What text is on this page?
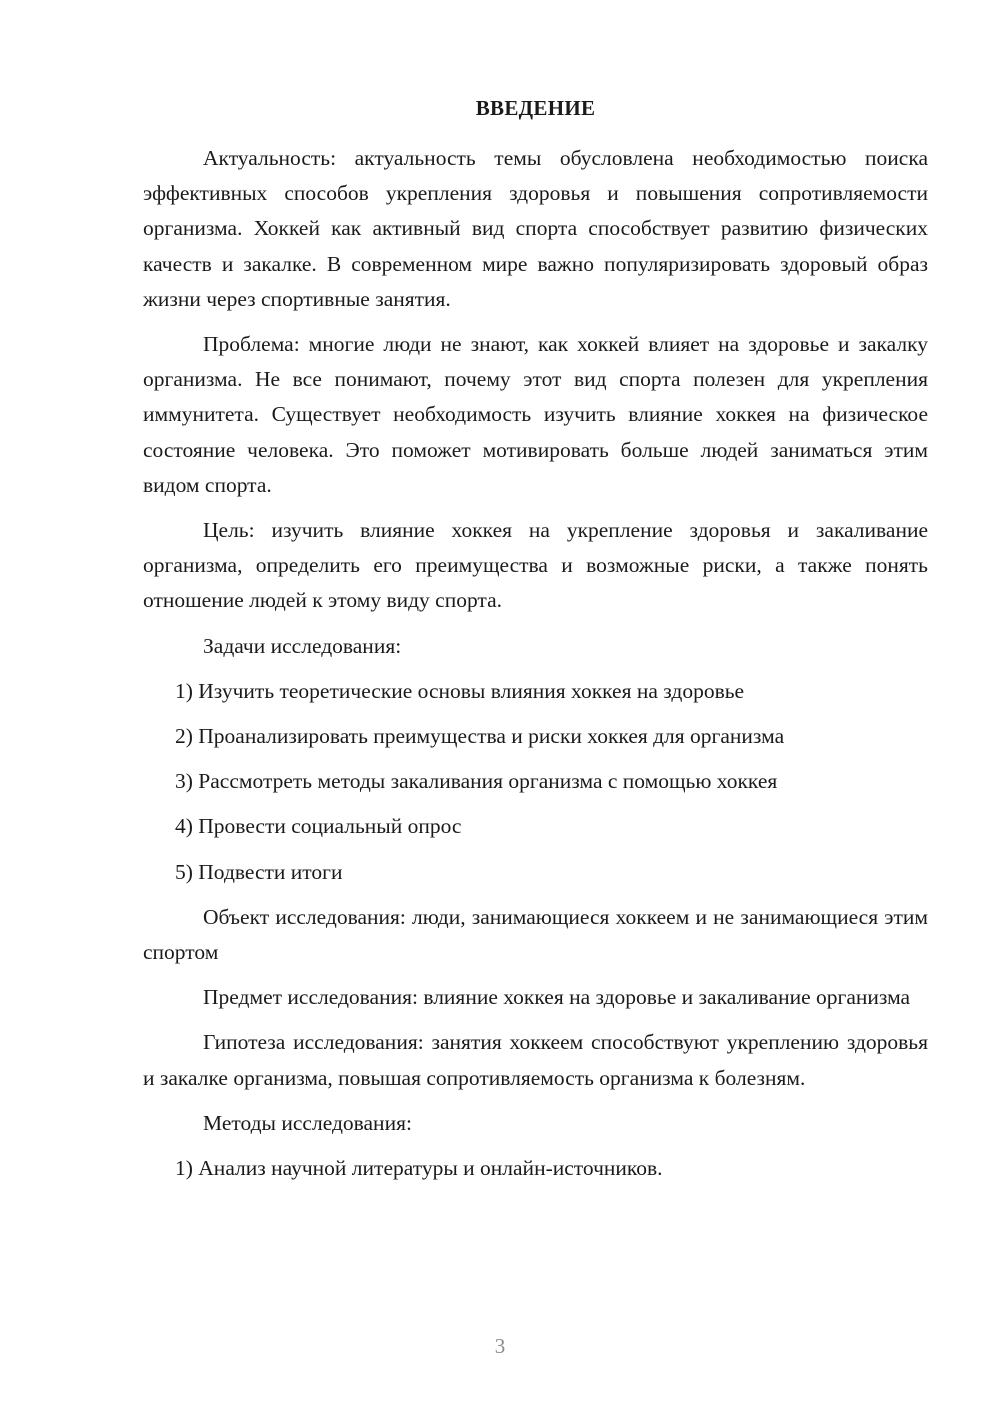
ВВЕДЕНИЕ

Актуальность: актуальность темы обусловлена необходимостью поиска эффективных способов укрепления здоровья и повышения сопротивляемости организма. Хоккей как активный вид спорта способствует развитию физических качеств и закалке. В современном мире важно популяризировать здоровый образ жизни через спортивные занятия.

Проблема: многие люди не знают, как хоккей влияет на здоровье и закалку организма. Не все понимают, почему этот вид спорта полезен для укрепления иммунитета. Существует необходимость изучить влияние хоккея на физическое состояние человека. Это поможет мотивировать больше людей заниматься этим видом спорта.

Цель: изучить влияние хоккея на укрепление здоровья и закаливание организма, определить его преимущества и возможные риски, а также понять отношение людей к этому виду спорта.

Задачи исследования:

1) Изучить теоретические основы влияния хоккея на здоровье

2) Проанализировать преимущества и риски хоккея для организма

3) Рассмотреть методы закаливания организма с помощью хоккея

4) Провести социальный опрос

5) Подвести итоги

Объект исследования: люди, занимающиеся хоккеем и не занимающиеся этим спортом

Предмет исследования: влияние хоккея на здоровье и закаливание организма

Гипотеза исследования: занятия хоккеем способствуют укреплению здоровья и закалке организма, повышая сопротивляемость организма к болезням.

Методы исследования:

1) Анализ научной литературы и онлайн-источников.

3
